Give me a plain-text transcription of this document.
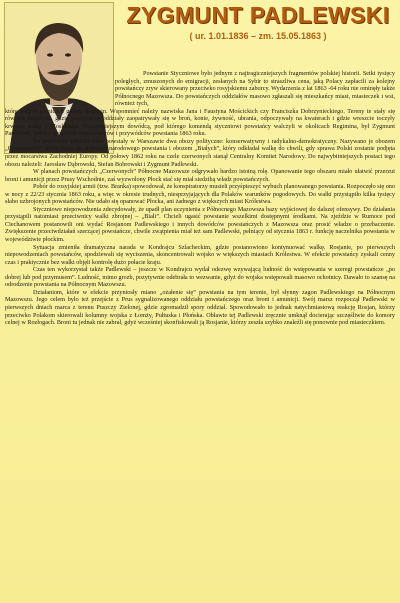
ZYGMUNT PADLEWSKI
( ur. 1.01.1836 – zm. 15.05.1863 )

Powstanie Styczniowe było jednym z najtragiczniejszych fragmentów polskiej historii. Setki tysięcy poległych, zmuszonych do emigracji, zesłanych na Sybir to straszliwa cena, jaką Polacy zapłacili za kolejny powstańczy zryw skierowany przeciwko rosyjskiemu zaborcy. Wydarzenia z lat 1863 -64 roku nie ominęły także Północnego Mazowsza. Do powstańczych oddziałów masowo zgłaszali się mieszkańcy miast, miasteczek i wsi, również tych,

które leżą w granicach gminy Regimin. Wspomnieć należy nazwiska Jana i Faustyna Mościckich czy Franciszka Dobrzynieckiego. Tereny te stały się również miejscem, gdzie powstańcze oddziały zaopatrywały się w broń, konie, żywność, ubrania, odpoczywały na kwaterach i gdzie wreszcie toczyły krwawe walki z Moskalami. Najsłynniejszym dowódcą, pod którego komendą styczniowi powstańcy walczyli w okolicach Regimina, był Zygmunt Padlewski, jeden z głównych organizatorów i przywódców powstania 1863 roku.

Na przełomie 1861/62 roku powstały w Warszawie dwa obozy polityczne: konserwatywny i radykalno-demokratyczny. Nazywano je obozem „Czerwonych”, który dążył do wybuchu narodowego powstania i obozem „Białych”, który odkładał walkę do chwili, gdy sprawa Polski zostanie podjęta przez mocarstwa Zachodniej Europy. Od połowy 1862 roku na czele czerwonych stanął Centralny Komitet Narodowy. Do najwybitniejszych postaci tego obozu należeli: Jarosław Dąbrowski, Stefan Bobrowski i Zygmunt Padlewski.

W planach powstańczych „Czerwonych” Północne Mazowsze odgrywało bardzo istotną rolę. Opanowanie tego obszaru miało ułatwić przerzut broni i amunicji przez Prusy Wschodnie, zaś wyzwolony Płock stać się miał siedzibą władz powstańczych.

Pobór do rosyjskiej armii (tzw. Branka) spowodował, że konspiratorzy musieli przyśpieszyć wybuch planowanego powstania. Rozpoczęło się ono w nocy z 22/23 stycznia 1863 roku, a więc w okresie trudnych, niesprzyjających dla Polaków warunków pogodowych. Do walki przystąpiło kilka tysięcy słabo uzbrojonych powstańców. Nie udało się opanować Płocka, ani żadnego z większych miast Królestwa.

Styczniowe niepowodzenia zdecydowały, że upadł plan uczynienia z Północnego Mazowsza bazy wyjściowej do dalszej ofensywy. Do działania przystąpili natomiast przeciwnicy walki zbrojnej – „Biali”. Chcieli ugasić powstanie wszelkimi dostępnymi środkami. Na zjeździe w Rumoce pod Ciechanowem postanowili oni wydać Rosjanom Padlewskiego i innych dowódców powstańczych z Mazowsza oraz prosić władze o przebaczenie. Zwiększenie przeciwdziałań szerzącej powstańcze, chwile zwątpienia miał też sam Padlewski, pełniący od stycznia 1863 r. funkcję naczelnika powstania w województwie płockim.

Sytuacja zmieniła dramatyczna narada w Kondrajcu Szlacheckim, gdzie postanowiono kontynuować walkę. Rosjanie, po pierwszych niepowodzeniach powstańców, spodziewali się wyciszenia, skoncentrowali wojsko w większych miastach Królestwa. W efekcie powstańcy zyskali cenny czas i praktycznie bez walki objęli kontrolę dużo połacie kraju.

Czas ten wykorzystał także Padlewski – jeszcze w Kondrajcu wydał odezwę wzywającą ludność do wstępowania w szeregi powstańcze „po dobrej lub pod przymusem”. Ludność, mimo grozb, pozytywnie odebrała to wezwanie, gdyż do wojska wstępowali masowo ochotnicy. Dawało to szansę na odrodzenie powstania na Północnym Mazowszu.

Działaniom, które w efekcie przyniosły miano „ożałenie się” powstania na tym terenie, był słynny zagon Padlewskiego na Północnym Mazowszu. Jego celem było też przejście z Prus sygnalizowanego oddziału powstańczego oraz broni i amunicji. Swój marsz rozpoczął Padlewski w pierwszych dniach marca z terenu Puszczy Zielonej, gdzie zgromadził spory oddział. Spowodowało to jednak natychmiastową reakcję Rosjan, którzy przeciwko Polakom skierowali kolumny wojska z Łomży, Pułtuska i Płońska. Obławie tej Padlewski zręcznie umknął docierając szczęśliwie do komory celnej w Rozłogach. Broni tu jednak nie zabrał, gdyż wcześniej skonfiskowali ją Rosjanie, którzy zeszła szybko znaleźli się ponownie pod miasteczkiem.
